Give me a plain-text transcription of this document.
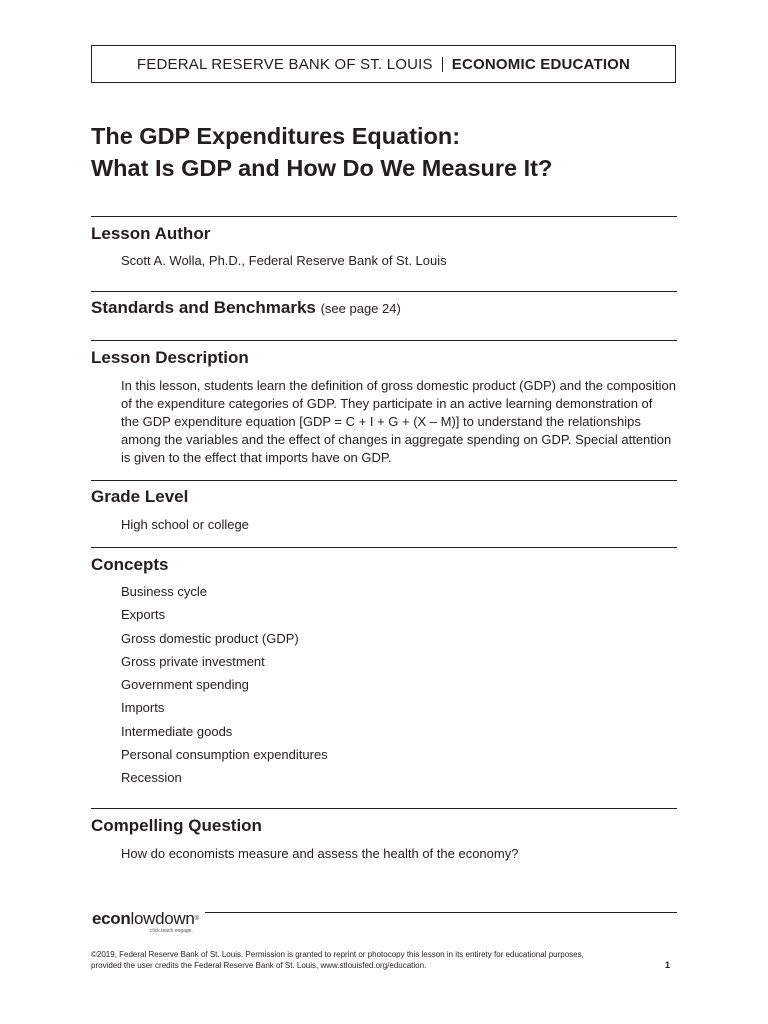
FEDERAL RESERVE BANK OF ST. LOUIS ECONOMIC EDUCATION
The GDP Expenditures Equation:
What Is GDP and How Do We Measure It?
Lesson Author
Scott A. Wolla, Ph.D., Federal Reserve Bank of St. Louis
Standards and Benchmarks (see page 24)
Lesson Description

In this lesson, students learn the definition of gross domestic product (GDP) and the composition

of the expenditure categories of GDP. They participate in an active learning demonstration of

the GDP expenditure equation [GDP = C + I + G + (X – M)] to understand the relationships

among the variables and the effect of changes in aggregate spending on GDP. Special attention

is given to the effect that imports have on GDP.

Grade Level
High school or college
Concepts
Business cycle
Exports
Gross domestic product (GDP)
Gross private investment
Government spending
Imports
Intermediate goods
Personal consumption expenditures
Recession
Compelling Question
How do economists measure and assess the health of the economy?
econlowdown®
click.teach.engage.
©2019, Federal Reserve Bank of St. Louis. Permission is granted to reprint or photocopy this lesson in its entirety for educational purposes,
provided the user credits the Federal Reserve Bank of St. Louis, www.stlouisfed.org/education.	1
